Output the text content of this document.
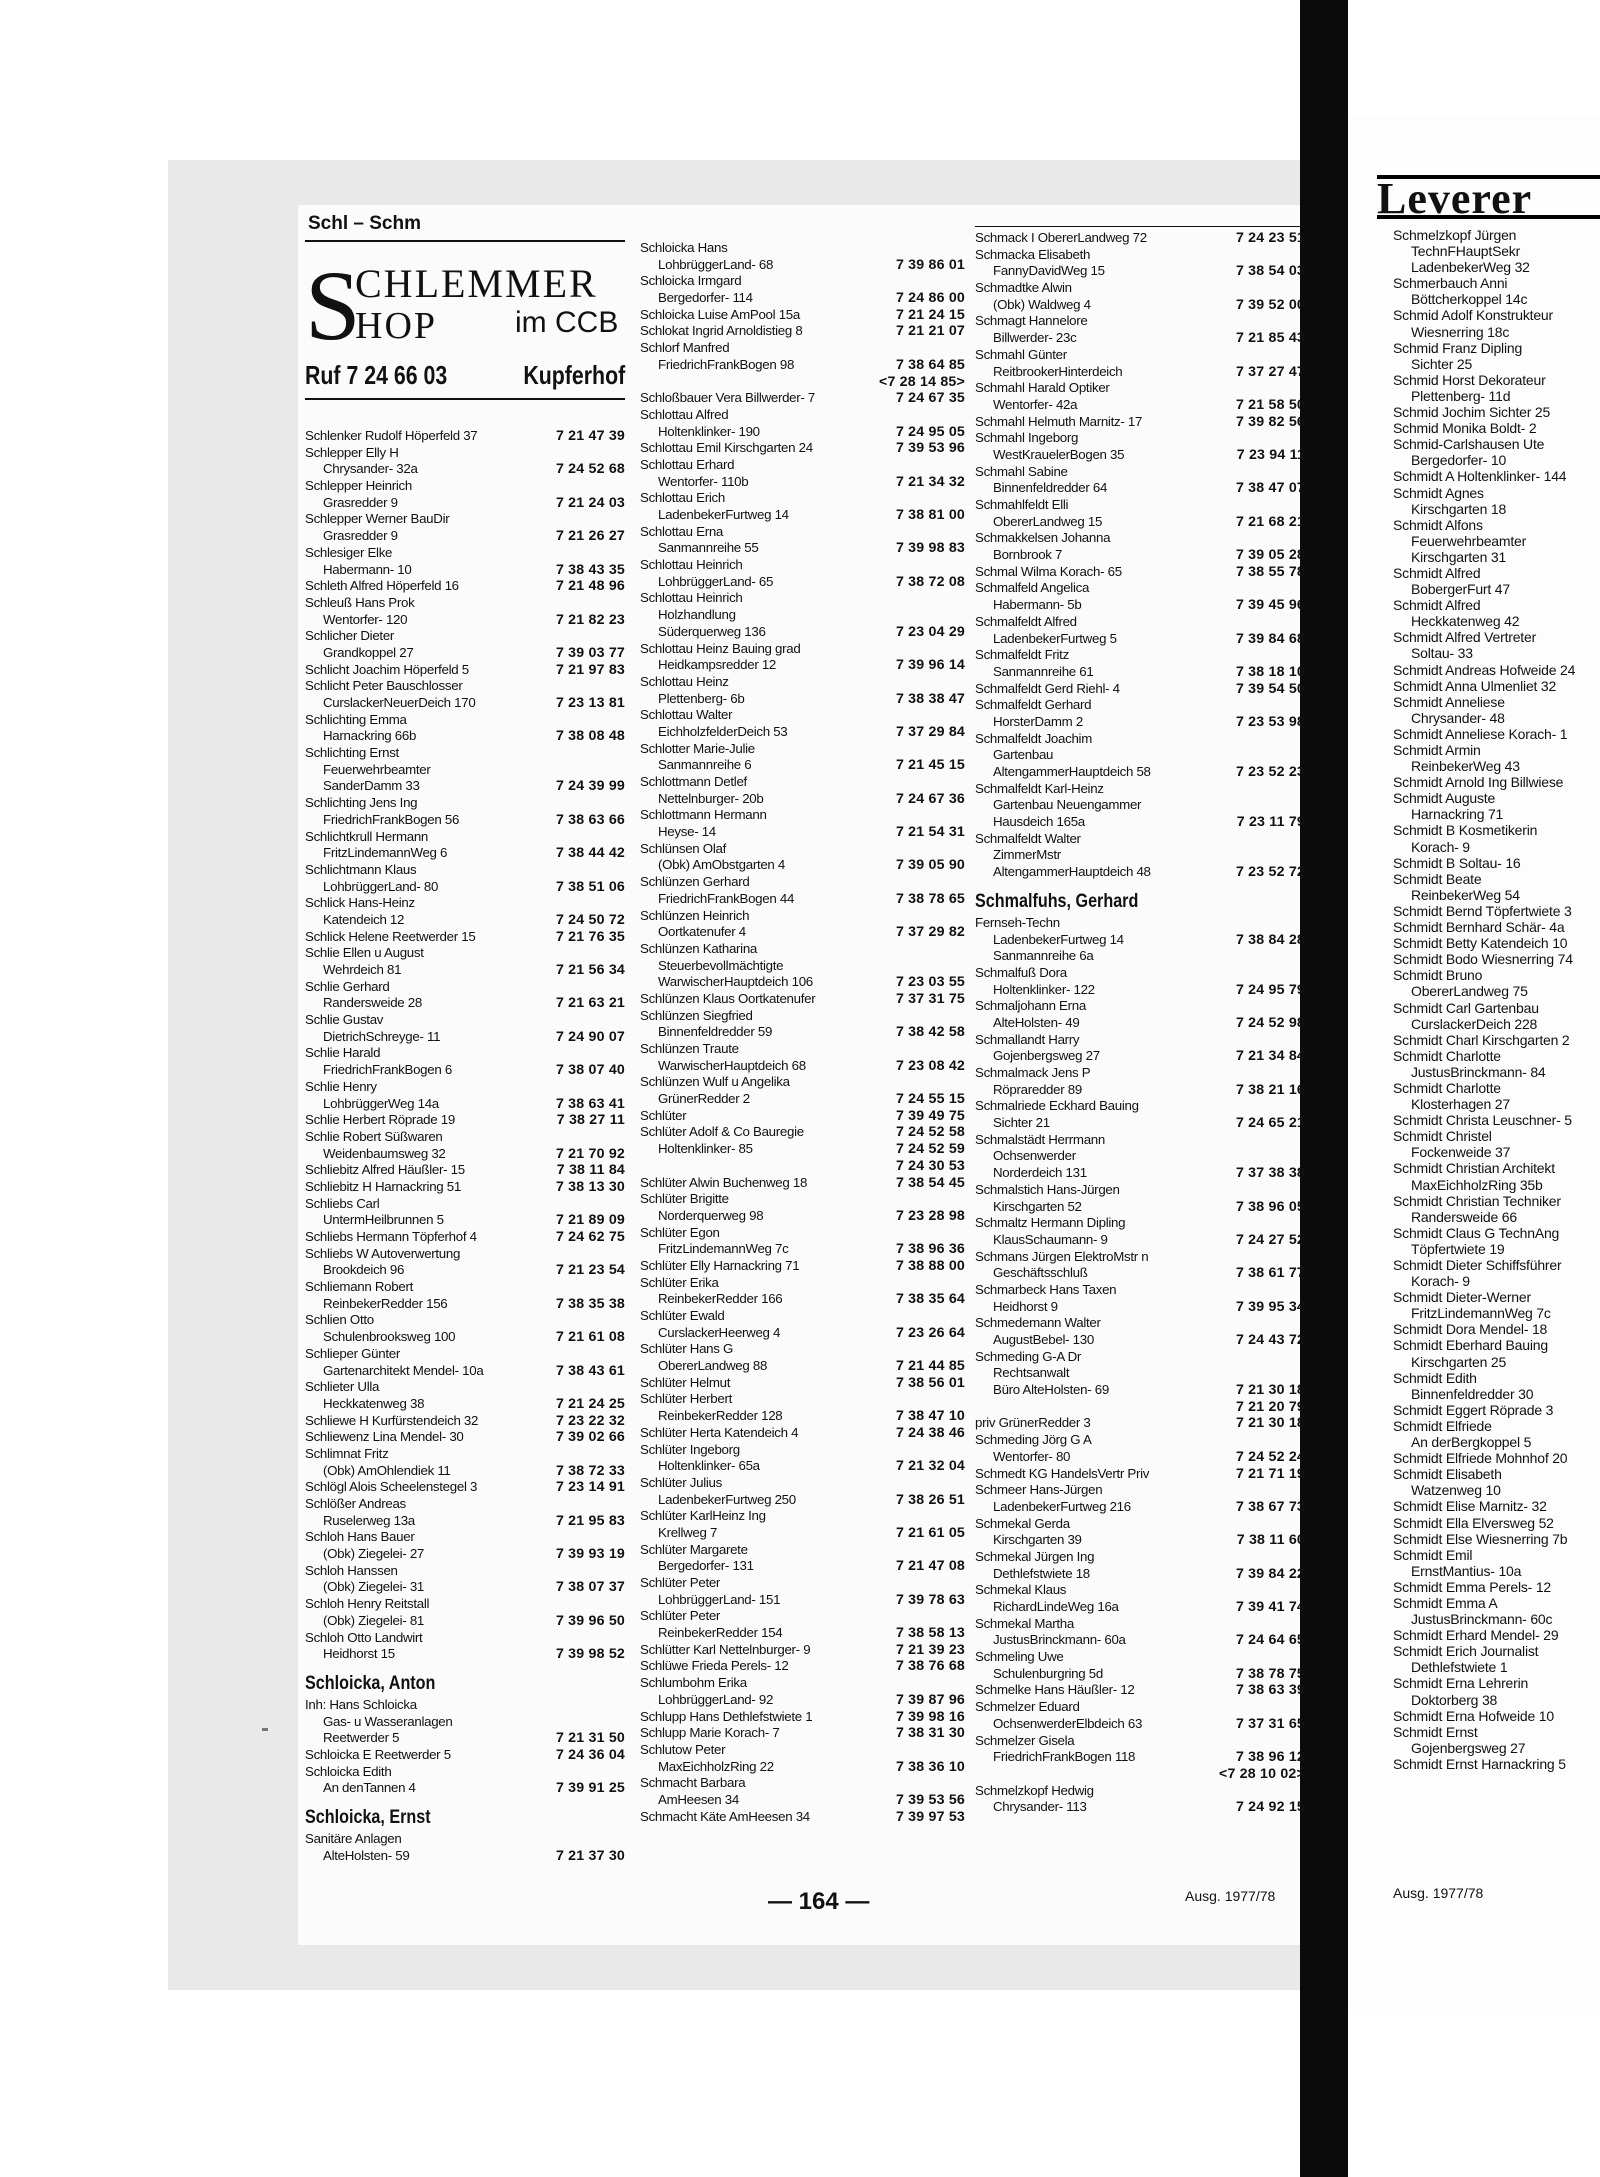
Leverer
Schmelzkopf Jürgen
TechnFHauptSekr
LadenbekerWeg 32
Schmerbauch Anni
Böttcherkoppel 14c
Schmid Adolf Konstrukteur
Wiesnerring 18c
Schmid Franz Dipling
Sichter 25
Schmid Horst Dekorateur
Plettenberg- 11d
Schmid Jochim Sichter 25
Schmid Monika Boldt- 2
Schmid-Carlshausen Ute
Bergedorfer- 10
Schmidt A Holtenklinker- 144
Schmidt Agnes
Kirschgarten 18
Schmidt Alfons
Feuerwehrbeamter
Kirschgarten 31
Schmidt Alfred
BobergerFurt 47
Schmidt Alfred
Heckkatenweg 42
Schmidt Alfred Vertreter
Soltau- 33
Schmidt Andreas Hofweide 24
Schmidt Anna Ulmenliet 32
Schmidt Anneliese
Chrysander- 48
Schmidt Anneliese Korach- 1
Schmidt Armin
ReinbekerWeg 43
Schmidt Arnold Ing Billwiese
Schmidt Auguste
Harnackring 71
Schmidt B Kosmetikerin
Korach- 9
Schmidt B Soltau- 16
Schmidt Beate
ReinbekerWeg 54
Schmidt Bernd Töpfertwiete 3
Schmidt Bernhard Schär- 4a
Schmidt Betty Katendeich 10
Schmidt Bodo Wiesnerring 74
Schmidt Bruno
ObererLandweg 75
Schmidt Carl Gartenbau
CurslackerDeich 228
Schmidt Charl Kirschgarten 2
Schmidt Charlotte
JustusBrinckmann- 84
Schmidt Charlotte
Klosterhagen 27
Schmidt Christa Leuschner- 5
Schmidt Christel
Fockenweide 37
Schmidt Christian Architekt
MaxEichholzRing 35b
Schmidt Christian Techniker
Randersweide 66
Schmidt Claus G TechnAng
Töpfertwiete 19
Schmidt Dieter Schiffsführer
Korach- 9
Schmidt Dieter-Werner
FritzLindemannWeg 7c
Schmidt Dora Mendel- 18
Schmidt Eberhard Bauing
Kirschgarten 25
Schmidt Edith
Binnenfeldredder 30
Schmidt Eggert Röprade 3
Schmidt Elfriede
An derBergkoppel 5
Schmidt Elfriede Mohnhof 20
Schmidt Elisabeth
Watzenweg 10
Schmidt Elise Marnitz- 32
Schmidt Ella Elversweg 52
Schmidt Else Wiesnerring 7b
Schmidt Emil
ErnstMantius- 10a
Schmidt Emma Perels- 12
Schmidt Emma A
JustusBrinckmann- 60c
Schmidt Erhard Mendel- 29
Schmidt Erich Journalist
Dethlefstwiete 1
Schmidt Erna Lehrerin
Doktorberg 38
Schmidt Erna Hofweide 10
Schmidt Ernst
Gojenbergsweg 27
Schmidt Ernst Harnackring 5
Ausg. 1977/78
Schl – Schm
S
CHLEMMER
HOP	im CCB
Ruf 7 24 66 03	Kupferhof
Schlenker Rudolf Höperfeld 37	7 21 47 39
Schlepper Elly H
Chrysander- 32a	7 24 52 68
Schlepper Heinrich
Grasredder 9	7 21 24 03
Schlepper Werner BauDir
Grasredder 9	7 21 26 27
Schlesiger Elke
Habermann- 10	7 38 43 35
Schleth Alfred Höperfeld 16	7 21 48 96
Schleuß Hans Prok
Wentorfer- 120	7 21 82 23
Schlicher Dieter
Grandkoppel 27	7 39 03 77
Schlicht Joachim Höperfeld 5	7 21 97 83
Schlicht Peter Bauschlosser
CurslackerNeuerDeich 170	7 23 13 81
Schlichting Emma
Harnackring 66b	7 38 08 48
Schlichting Ernst
Feuerwehrbeamter
SanderDamm 33	7 24 39 99
Schlichting Jens Ing
FriedrichFrankBogen 56	7 38 63 66
Schlichtkrull Hermann
FritzLindemannWeg 6	7 38 44 42
Schlichtmann Klaus
LohbrüggerLand- 80	7 38 51 06
Schlick Hans-Heinz
Katendeich 12	7 24 50 72
Schlick Helene Reetwerder 15	7 21 76 35
Schlie Ellen u August
Wehrdeich 81	7 21 56 34
Schlie Gerhard
Randersweide 28	7 21 63 21
Schlie Gustav
DietrichSchreyge- 11	7 24 90 07
Schlie Harald
FriedrichFrankBogen 6	7 38 07 40
Schlie Henry
LohbrüggerWeg 14a	7 38 63 41
Schlie Herbert Röprade 19	7 38 27 11
Schlie Robert Süßwaren
Weidenbaumsweg 32	7 21 70 92
Schliebitz Alfred Häußler- 15	7 38 11 84
Schliebitz H Harnackring 51	7 38 13 30
Schliebs Carl
UntermHeilbrunnen 5	7 21 89 09
Schliebs Hermann Töpferhof 4	7 24 62 75
Schliebs W Autoverwertung
Brookdeich 96	7 21 23 54
Schliemann Robert
ReinbekerRedder 156	7 38 35 38
Schlien Otto
Schulenbrooksweg 100	7 21 61 08
Schlieper Günter
Gartenarchitekt Mendel- 10a	7 38 43 61
Schlieter Ulla
Heckkatenweg 38	7 21 24 25
Schliewe H Kurfürstendeich 32	7 23 22 32
Schliewenz Lina Mendel- 30	7 39 02 66
Schlimnat Fritz
(Obk) AmOhlendiek 11	7 38 72 33
Schlögl Alois Scheelenstegel 3	7 23 14 91
Schlößer Andreas
Ruselerweg 13a	7 21 95 83
Schloh Hans Bauer
(Obk) Ziegelei- 27	7 39 93 19
Schloh Hanssen
(Obk) Ziegelei- 31	7 38 07 37
Schloh Henry Reitstall
(Obk) Ziegelei- 81	7 39 96 50
Schloh Otto Landwirt
Heidhorst 15	7 39 98 52
Schloicka, Anton
Inh: Hans Schloicka
Gas- u Wasseranlagen
Reetwerder 5	7 21 31 50
Schloicka E Reetwerder 5	7 24 36 04
Schloicka Edith
An denTannen 4	7 39 91 25
Schloicka, Ernst
Sanitäre Anlagen
AlteHolsten- 59	7 21 37 30
Schloicka Hans
LohbrüggerLand- 68	7 39 86 01
Schloicka Irmgard
Bergedorfer- 114	7 24 86 00
Schloicka Luise AmPool 15a	7 21 24 15
Schlokat Ingrid Arnoldistieg 8	7 21 21 07
Schlorf Manfred
FriedrichFrankBogen 98	7 38 64 85
<7 28 14 85>
Schloßbauer Vera Billwerder- 7	7 24 67 35
Schlottau Alfred
Holtenklinker- 190	7 24 95 05
Schlottau Emil Kirschgarten 24	7 39 53 96
Schlottau Erhard
Wentorfer- 110b	7 21 34 32
Schlottau Erich
LadenbekerFurtweg 14	7 38 81 00
Schlottau Erna
Sanmannreihe 55	7 39 98 83
Schlottau Heinrich
LohbrüggerLand- 65	7 38 72 08
Schlottau Heinrich
Holzhandlung
Süderquerweg 136	7 23 04 29
Schlottau Heinz Bauing grad
Heidkampsredder 12	7 39 96 14
Schlottau Heinz
Plettenberg- 6b	7 38 38 47
Schlottau Walter
EichholzfelderDeich 53	7 37 29 84
Schlotter Marie-Julie
Sanmannreihe 6	7 21 45 15
Schlottmann Detlef
Nettelnburger- 20b	7 24 67 36
Schlottmann Hermann
Heyse- 14	7 21 54 31
Schlünsen Olaf
(Obk) AmObstgarten 4	7 39 05 90
Schlünzen Gerhard
FriedrichFrankBogen 44	7 38 78 65
Schlünzen Heinrich
Oortkatenufer 4	7 37 29 82
Schlünzen Katharina
Steuerbevollmächtigte
WarwischerHauptdeich 106	7 23 03 55
Schlünzen Klaus Oortkatenufer	7 37 31 75
Schlünzen Siegfried
Binnenfeldredder 59	7 38 42 58
Schlünzen Traute
WarwischerHauptdeich 68	7 23 08 42
Schlünzen Wulf u Angelika
GrünerRedder 2	7 24 55 15
Schlüter	7 39 49 75
Schlüter Adolf & Co Bauregie
Holtenklinker- 85
7 24 52 58
7 24 52 59
7 24 30 53
Schlüter Alwin Buchenweg 18	7 38 54 45
Schlüter Brigitte
Norderquerweg 98	7 23 28 98
Schlüter Egon
FritzLindemannWeg 7c	7 38 96 36
Schlüter Elly Harnackring 71	7 38 88 00
Schlüter Erika
ReinbekerRedder 166	7 38 35 64
Schlüter Ewald
CurslackerHeerweg 4	7 23 26 64
Schlüter Hans G
ObererLandweg 88	7 21 44 85
Schlüter Helmut	7 38 56 01
Schlüter Herbert
ReinbekerRedder 128	7 38 47 10
Schlüter Herta Katendeich 4	7 24 38 46
Schlüter Ingeborg
Holtenklinker- 65a	7 21 32 04
Schlüter Julius
LadenbekerFurtweg 250	7 38 26 51
Schlüter KarlHeinz Ing
Krellweg 7	7 21 61 05
Schlüter Margarete
Bergedorfer- 131	7 21 47 08
Schlüter Peter
LohbrüggerLand- 151	7 39 78 63
Schlüter Peter
ReinbekerRedder 154	7 38 58 13
Schlütter Karl Nettelnburger- 9	7 21 39 23
Schlüwe Frieda Perels- 12	7 38 76 68
Schlumbohm Erika
LohbrüggerLand- 92	7 39 87 96
Schlupp Hans Dethlefstwiete 1	7 39 98 16
Schlupp Marie Korach- 7	7 38 31 30
Schlutow Peter
MaxEichholzRing 22	7 38 36 10
Schmacht Barbara
AmHeesen 34	7 39 53 56
Schmacht Käte AmHeesen 34	7 39 97 53
Schmack I ObererLandweg 72	7 24 23 51
Schmacka Elisabeth
FannyDavidWeg 15	7 38 54 03
Schmadtke Alwin
(Obk) Waldweg 4	7 39 52 00
Schmagt Hannelore
Billwerder- 23c	7 21 85 43
Schmahl Günter
ReitbrookerHinterdeich	7 37 27 47
Schmahl Harald Optiker
Wentorfer- 42a	7 21 58 50
Schmahl Helmuth Marnitz- 17	7 39 82 56
Schmahl Ingeborg
WestKrauelerBogen 35	7 23 94 11
Schmahl Sabine
Binnenfeldredder 64	7 38 47 07
Schmahlfeldt Elli
ObererLandweg 15	7 21 68 21
Schmakkelsen Johanna
Bornbrook 7	7 39 05 28
Schmal Wilma Korach- 65	7 38 55 78
Schmalfeld Angelica
Habermann- 5b	7 39 45 96
Schmalfeldt Alfred
LadenbekerFurtweg 5	7 39 84 68
Schmalfeldt Fritz
Sanmannreihe 61	7 38 18 10
Schmalfeldt Gerd Riehl- 4	7 39 54 50
Schmalfeldt Gerhard
HorsterDamm 2	7 23 53 98
Schmalfeldt Joachim
Gartenbau
AltengammerHauptdeich 58	7 23 52 23
Schmalfeldt Karl-Heinz
Gartenbau Neuengammer
Hausdeich 165a	7 23 11 79
Schmalfeldt Walter
ZimmerMstr
AltengammerHauptdeich 48	7 23 52 72
Schmalfuhs, Gerhard
Fernseh-Techn
LadenbekerFurtweg 14
Sanmannreihe 6a
7 38 84 28
Schmalfuß Dora
Holtenklinker- 122	7 24 95 79
Schmaljohann Erna
AlteHolsten- 49	7 24 52 98
Schmallandt Harry
Gojenbergsweg 27	7 21 34 84
Schmalmack Jens P
Röpraredder 89	7 38 21 16
Schmalriede Eckhard Bauing
Sichter 21	7 24 65 21
Schmalstädt Herrmann
Ochsenwerder
Norderdeich 131	7 37 38 38
Schmalstich Hans-Jürgen
Kirschgarten 52	7 38 96 05
Schmaltz Hermann Dipling
KlausSchaumann- 9	7 24 27 52
Schmans Jürgen ElektroMstr n
Geschäftsschluß	7 38 61 77
Schmarbeck Hans Taxen
Heidhorst 9	7 39 95 34
Schmedemann Walter
AugustBebel- 130	7 24 43 72
Schmeding G-A Dr
Rechtsanwalt
Büro AlteHolsten- 69	7 21 30 18
7 21 20 79
priv GrünerRedder 3	7 21 30 18
Schmeding Jörg G A
Wentorfer- 80	7 24 52 24
Schmedt KG HandelsVertr Priv	7 21 71 19
Schmeer Hans-Jürgen
LadenbekerFurtweg 216	7 38 67 73
Schmekal Gerda
Kirschgarten 39	7 38 11 60
Schmekal Jürgen Ing
Dethlefstwiete 18	7 39 84 22
Schmekal Klaus
RichardLindeWeg 16a	7 39 41 74
Schmekal Martha
JustusBrinckmann- 60a	7 24 64 65
Schmeling Uwe
Schulenburgring 5d	7 38 78 75
Schmelke Hans Häußler- 12	7 38 63 39
Schmelzer Eduard
OchsenwerderElbdeich 63	7 37 31 65
Schmelzer Gisela
FriedrichFrankBogen 118	7 38 96 12
<7 28 10 02>
Schmelzkopf Hedwig
Chrysander- 113	7 24 92 15
— 164 —	Ausg. 1977/78
